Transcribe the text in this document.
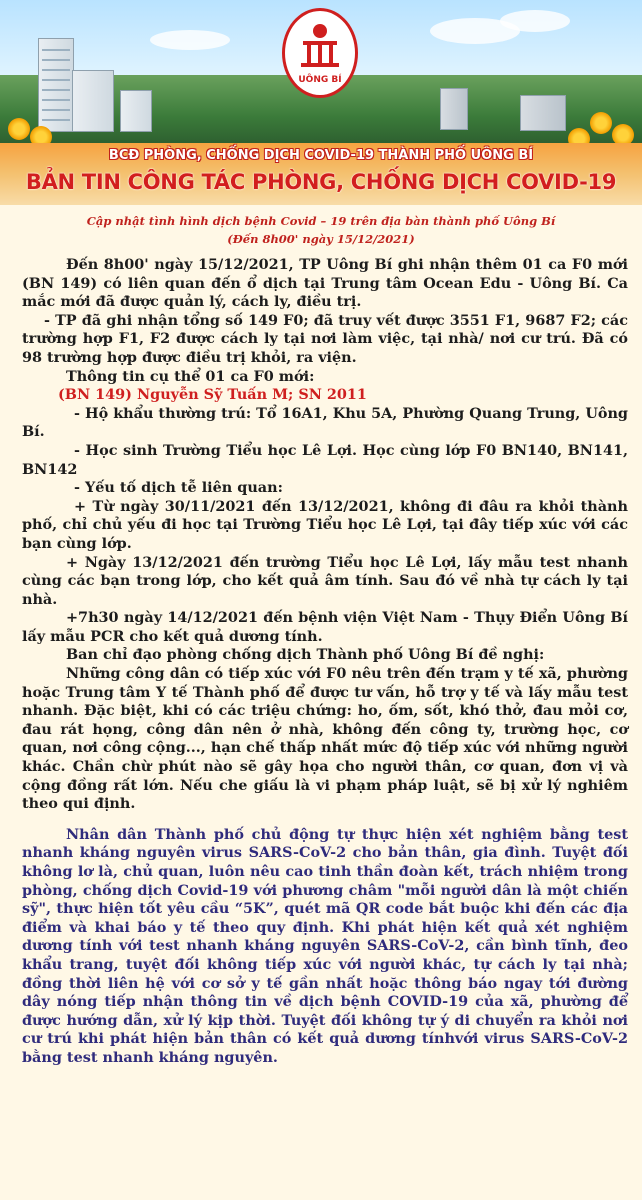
UÔNG BÍ
BCĐ PHÒNG, CHỐNG DỊCH COVID-19 THÀNH PHỐ UÔNG BÍ
BẢN TIN CÔNG TÁC PHÒNG, CHỐNG DỊCH COVID-19
Cập nhật tình hình dịch bệnh Covid – 19 trên địa bàn thành phố Uông Bí
(Đến 8h00' ngày 15/12/2021)

Đến 8h00' ngày 15/12/2021, TP Uông Bí ghi nhận thêm 01 ca F0 mới (BN 149) có liên quan đến ổ dịch tại Trung tâm Ocean Edu - Uông Bí. Ca mắc mới đã được quản lý, cách ly, điều trị.

- TP đã ghi nhận tổng số 149 F0; đã truy vết được 3551 F1, 9687 F2; các trường hợp F1, F2 được cách ly tại nơi làm việc, tại nhà/ nơi cư trú. Đã có 98 trường hợp được điều trị khỏi, ra viện.

Thông tin cụ thể 01 ca F0 mới:

(BN 149) Nguyễn Sỹ Tuấn M; SN 2011

- Hộ khẩu thường trú: Tổ 16A1, Khu 5A, Phường Quang Trung, Uông Bí.

- Học sinh Trường Tiểu học Lê Lợi. Học cùng lớp F0 BN140, BN141, BN142

- Yếu tố dịch tễ liên quan:

+ Từ ngày 30/11/2021 đến 13/12/2021, không đi đâu ra khỏi thành phố, chỉ chủ yếu đi học tại Trường Tiểu học Lê Lợi, tại đây tiếp xúc với các bạn cùng lớp.

+ Ngày 13/12/2021 đến trường Tiểu học Lê Lợi, lấy mẫu test nhanh cùng các bạn trong lớp, cho kết quả âm tính. Sau đó về nhà tự cách ly tại nhà.

+7h30 ngày 14/12/2021 đến bệnh viện Việt Nam - Thụy Điển Uông Bí lấy mẫu PCR cho kết quả dương tính.

Ban chỉ đạo phòng chống dịch Thành phố Uông Bí đề nghị:

Những công dân có tiếp xúc với F0 nêu trên đến trạm y tế xã, phường hoặc Trung tâm Y tế Thành phố để được tư vấn, hỗ trợ y tế và lấy mẫu test nhanh. Đặc biệt, khi có các triệu chứng: ho, ốm, sốt, khó thở, đau mỏi cơ, đau rát họng, công dân nên ở nhà, không đến công ty, trường học, cơ quan, nơi công cộng..., hạn chế thấp nhất mức độ tiếp xúc với những người khác. Chần chừ phút nào sẽ gây họa cho người thân, cơ quan, đơn vị và cộng đồng rất lớn. Nếu che giấu là vi phạm pháp luật, sẽ bị xử lý nghiêm theo qui định.

Nhân dân Thành phố chủ động tự thực hiện xét nghiệm bằng test nhanh kháng nguyên virus SARS-CoV-2 cho bản thân, gia đình. Tuyệt đối không lơ là, chủ quan, luôn nêu cao tinh thần đoàn kết, trách nhiệm trong phòng, chống dịch Covid-19 với phương châm "mỗi người dân là một chiến sỹ", thực hiện tốt yêu cầu “5K”, quét mã QR code bắt buộc khi đến các địa điểm và khai báo y tế theo quy định. Khi phát hiện kết quả xét nghiệm dương tính với test nhanh kháng nguyên SARS-CoV-2, cần bình tĩnh, đeo khẩu trang, tuyệt đối không tiếp xúc với người khác, tự cách ly tại nhà; đồng thời liên hệ với cơ sở y tế gần nhất hoặc thông báo ngay tới đường dây nóng tiếp nhận thông tin về dịch bệnh COVID-19 của xã, phường để được hướng dẫn, xử lý kịp thời. Tuyệt đối không tự ý di chuyển ra khỏi nơi cư trú khi phát hiện bản thân có kết quả dương tínhvới virus SARS-CoV-2 bằng test nhanh kháng nguyên.
